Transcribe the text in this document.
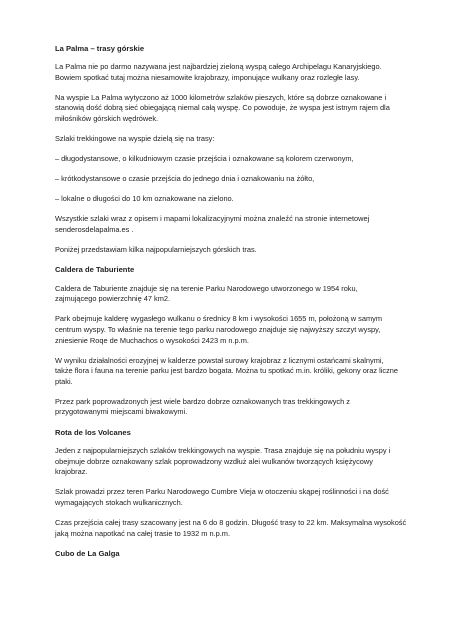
La Palma – trasy górskie

La Palma nie po darmo nazywana jest najbardziej zieloną wyspą całego Archipelagu Kanaryjskiego.
Bowiem spotkać tutaj można niesamowite krajobrazy, imponujące wulkany oraz rozległe lasy.

Na wyspie La Palma wytyczono aż 1000 kilometrów szlaków pieszych, które są dobrze oznakowane i
stanowią dość dobrą sieć obiegającą niemal całą wyspę. Co powoduje, że wyspa jest istnym rajem dla
miłośników górskich wędrówek.

Szlaki trekkingowe na wyspie dzielą się na trasy:

– długodystansowe, o kilkudniowym czasie przejścia i oznakowane są kolorem czerwonym,

– krótkodystansowe o czasie przejścia do jednego dnia i oznakowaniu na żółto,

– lokalne o długości do 10 km oznakowane na zielono.

Wszystkie szlaki wraz z opisem i mapami lokalizacyjnymi można znaleźć na stronie internetowej
senderosdelapalma.es .

Poniżej przedstawiam kilka najpopularniejszych górskich tras.

Caldera de Taburiente

Caldera de Taburiente znajduje się na terenie Parku Narodowego utworzonego w 1954 roku,
zajmującego powierzchnię 47 km2.

Park obejmuje kalderę wygasłego wulkanu o średnicy 8 km i wysokości 1655 m, położoną w samym
centrum wyspy. To właśnie na terenie tego parku narodowego znajduje się najwyższy szczyt wyspy,
zniesienie Roqe de Muchachos o wysokości 2423 m n.p.m.

W wyniku działalności erozyjnej w kalderze powstał surowy krajobraz z licznymi ostańcami skalnymi,
także flora i fauna na terenie parku jest bardzo bogata. Można tu spotkać m.in. króliki, gekony oraz liczne
ptaki.

Przez park poprowadzonych jest wiele bardzo dobrze oznakowanych tras trekkingowych z
przygotowanymi miejscami biwakowymi.

Rota de los Volcanes

Jeden z najpopularniejszych szlaków trekkingowych na wyspie. Trasa znajduje się na południu wyspy i
obejmuje dobrze oznakowany szlak poprowadzony wzdłuż alei wulkanów tworzących księżycowy
krajobraz.

Szlak prowadzi przez teren Parku Narodowego Cumbre Vieja w otoczeniu skąpej roślinności i na dość
wymagających stokach wulkanicznych.

Czas przejścia całej trasy szacowany jest na 6 do 8 godzin. Długość trasy to 22 km. Maksymalna wysokość
jaką można napotkać na całej trasie to 1932 m n.p.m.

Cubo de La Galga
